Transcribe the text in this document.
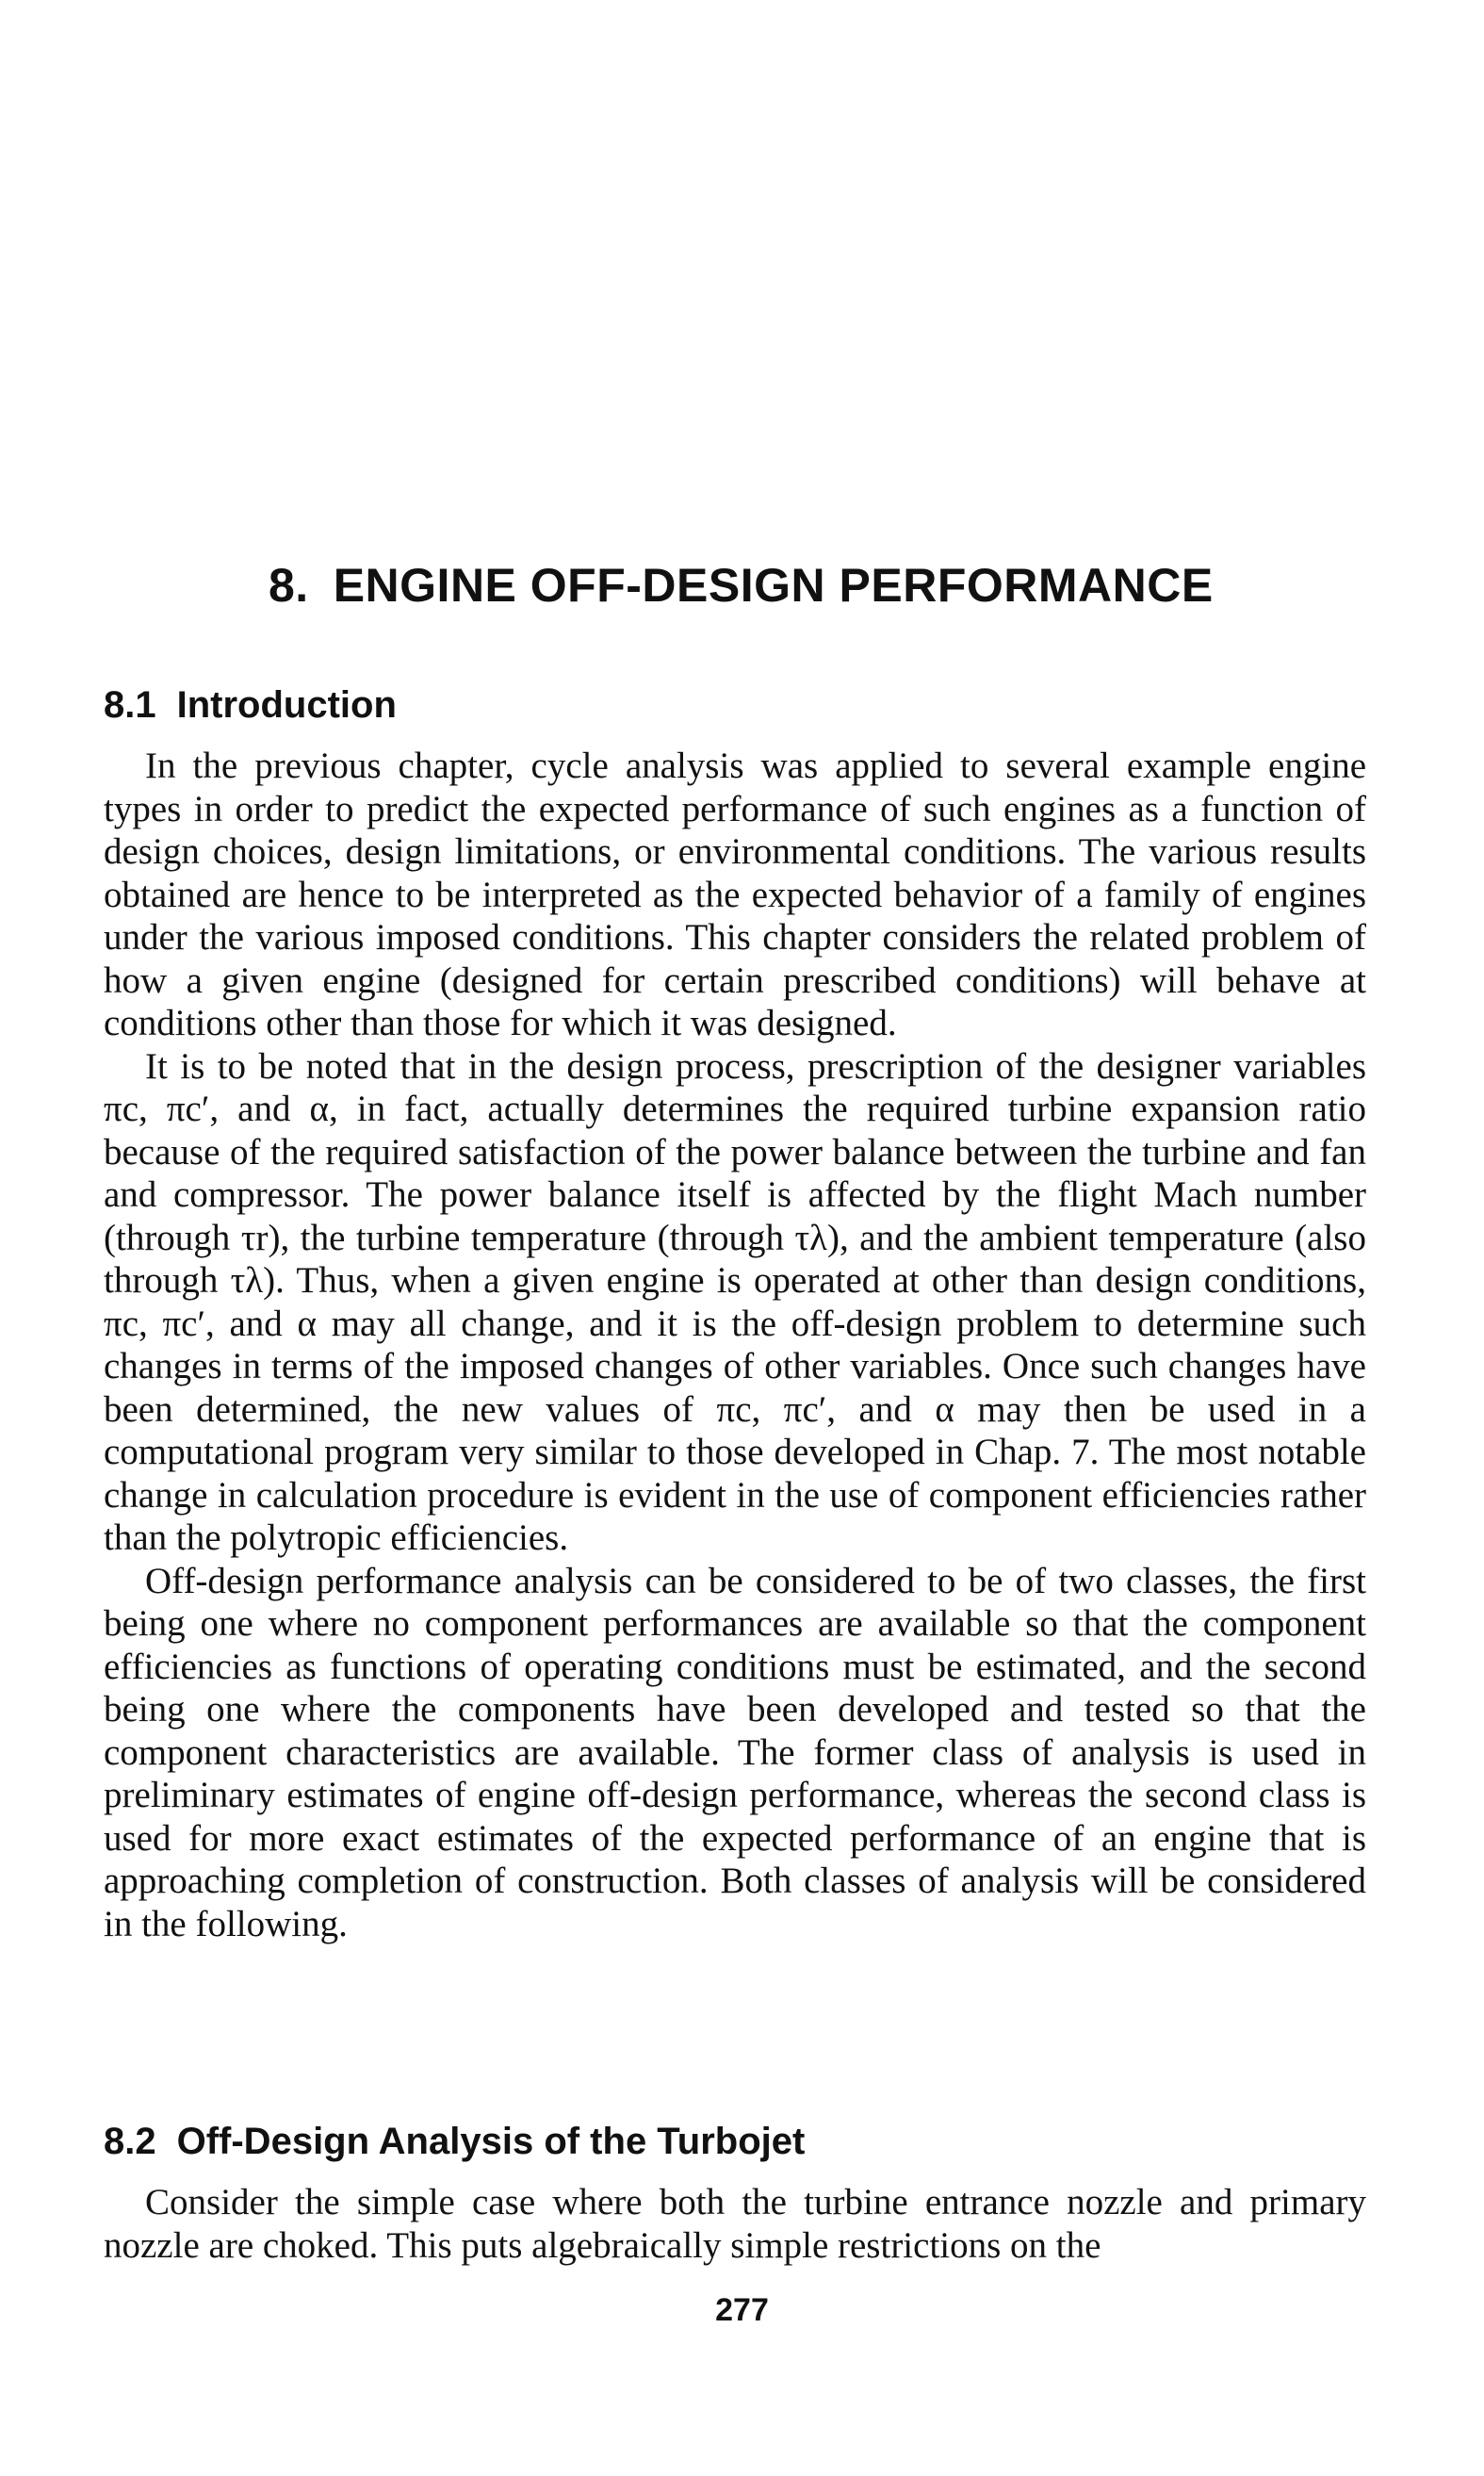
8. ENGINE OFF-DESIGN PERFORMANCE
8.1 Introduction

In the previous chapter, cycle analysis was applied to several example engine types in order to predict the expected performance of such engines as a function of design choices, design limitations, or environmental conditions. The various results obtained are hence to be interpreted as the expected behavior of a family of engines under the various imposed conditions. This chapter considers the related problem of how a given engine (designed for certain prescribed conditions) will behave at conditions other than those for which it was designed.

It is to be noted that in the design process, prescription of the designer variables πc, πc′, and α, in fact, actually determines the required turbine expansion ratio because of the required satisfaction of the power balance between the turbine and fan and compressor. The power balance itself is affected by the flight Mach number (through τr), the turbine temperature (through τλ), and the ambient temperature (also through τλ). Thus, when a given engine is operated at other than design conditions, πc, πc′, and α may all change, and it is the off-design problem to determine such changes in terms of the imposed changes of other variables. Once such changes have been determined, the new values of πc, πc′, and α may then be used in a computational program very similar to those developed in Chap. 7. The most notable change in calculation procedure is evident in the use of component efficiencies rather than the polytropic efficiencies.

Off-design performance analysis can be considered to be of two classes, the first being one where no component performances are available so that the component efficiencies as functions of operating conditions must be estimated, and the second being one where the components have been developed and tested so that the component characteristics are available. The former class of analysis is used in preliminary estimates of engine off-design performance, whereas the second class is used for more exact estimates of the expected performance of an engine that is approaching completion of construction. Both classes of analysis will be considered in the following.

8.2 Off-Design Analysis of the Turbojet

Consider the simple case where both the turbine entrance nozzle and primary nozzle are choked. This puts algebraically simple restrictions on the

277
